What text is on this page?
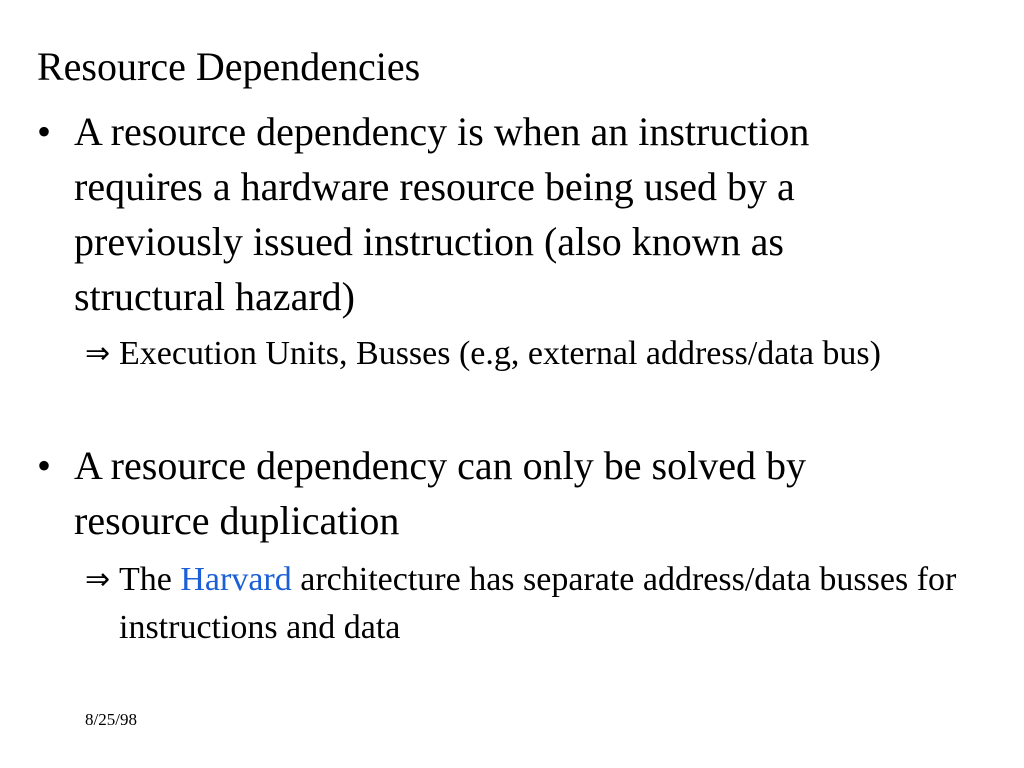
Resource Dependencies
• A resource dependency is when an instruction requires a hardware resource being used by a previously issued instruction (also known as structural hazard)
⇒ Execution Units, Busses (e.g, external address/data bus)
• A resource dependency can only be solved by resource duplication
⇒ The Harvard architecture has separate address/data busses for instructions and data
8/25/98
